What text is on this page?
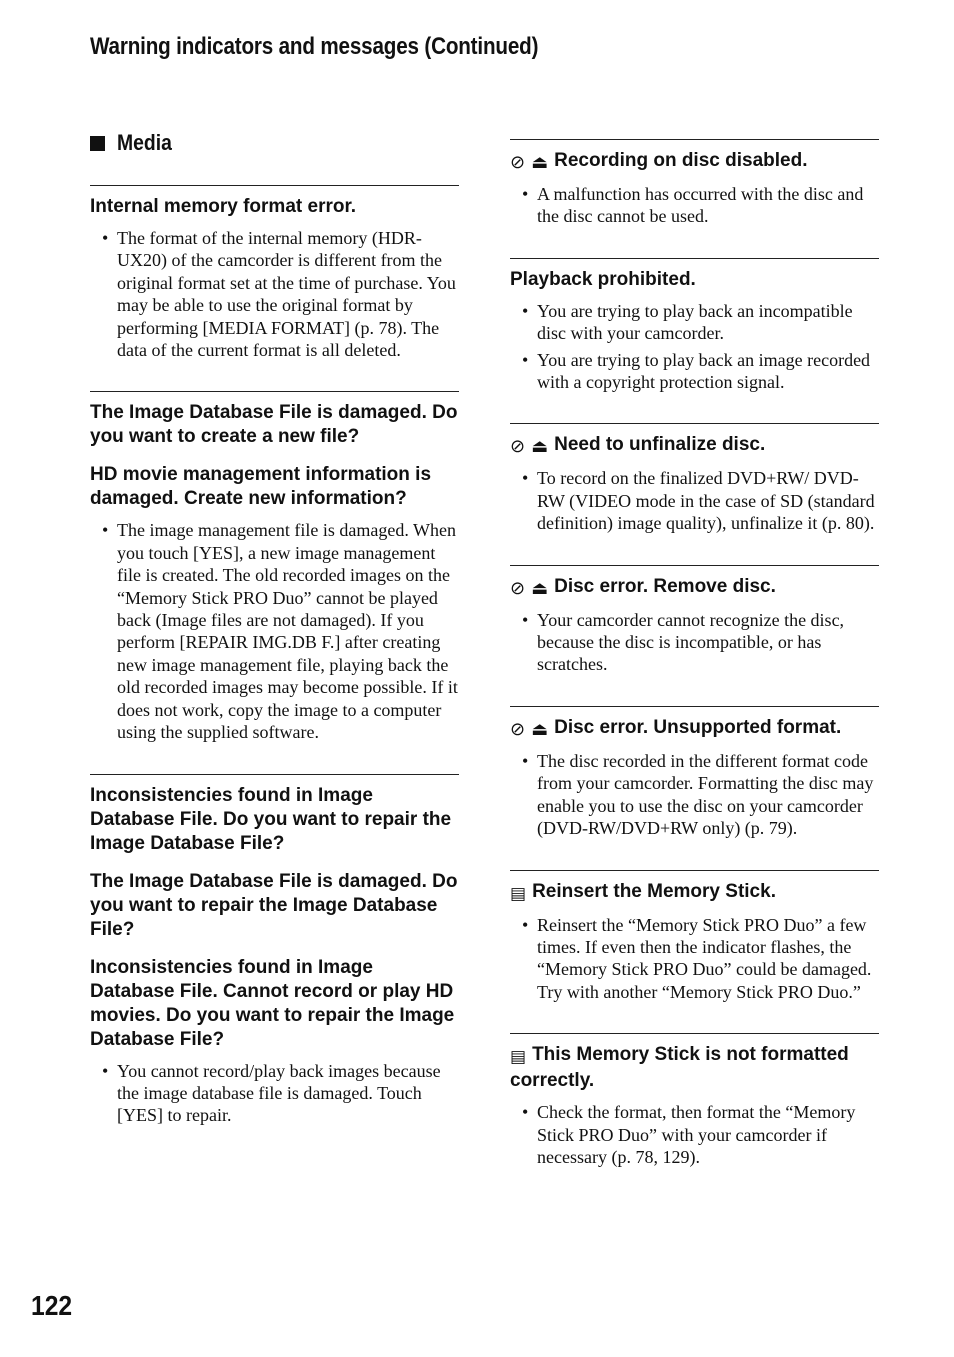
Warning indicators and messages (Continued)
Media
Internal memory format error.
• The format of the internal memory (HDR-UX20) of the camcorder is different from the original format set at the time of purchase. You may be able to use the original format by performing [MEDIA FORMAT] (p. 78). The data of the current format is all deleted.
The Image Database File is damaged. Do you want to create a new file?
HD movie management information is damaged. Create new information?
• The image management file is damaged. When you touch [YES], a new image management file is created. The old recorded images on the “Memory Stick PRO Duo” cannot be played back (Image files are not damaged). If you perform [REPAIR IMG.DB F.] after creating new image management file, playing back the old recorded images may become possible. If it does not work, copy the image to a computer using the supplied software.
Inconsistencies found in Image Database File. Do you want to repair the Image Database File?
The Image Database File is damaged. Do you want to repair the Image Database File?
Inconsistencies found in Image Database File. Cannot record or play HD movies. Do you want to repair the Image Database File?
• You cannot record/play back images because the image database file is damaged. Touch [YES] to repair.
⊘ ⏏ Recording on disc disabled.
• A malfunction has occurred with the disc and the disc cannot be used.
Playback prohibited.
• You are trying to play back an incompatible disc with your camcorder.
• You are trying to play back an image recorded with a copyright protection signal.
⊘ ⏏ Need to unfinalize disc.
• To record on the finalized DVD+RW/ DVD-RW (VIDEO mode in the case of SD (standard definition) image quality), unfinalize it (p. 80).
⊘ ⏏ Disc error. Remove disc.
• Your camcorder cannot recognize the disc, because the disc is incompatible, or has scratches.
⊘ ⏏ Disc error. Unsupported format.
• The disc recorded in the different format code from your camcorder. Formatting the disc may enable you to use the disc on your camcorder (DVD-RW/DVD+RW only) (p. 79).
▤ Reinsert the Memory Stick.
• Reinsert the “Memory Stick PRO Duo” a few times. If even then the indicator flashes, the “Memory Stick PRO Duo” could be damaged. Try with another “Memory Stick PRO Duo.”
▤ This Memory Stick is not formatted correctly.
• Check the format, then format the “Memory Stick PRO Duo” with your camcorder if necessary (p. 78, 129).
122
